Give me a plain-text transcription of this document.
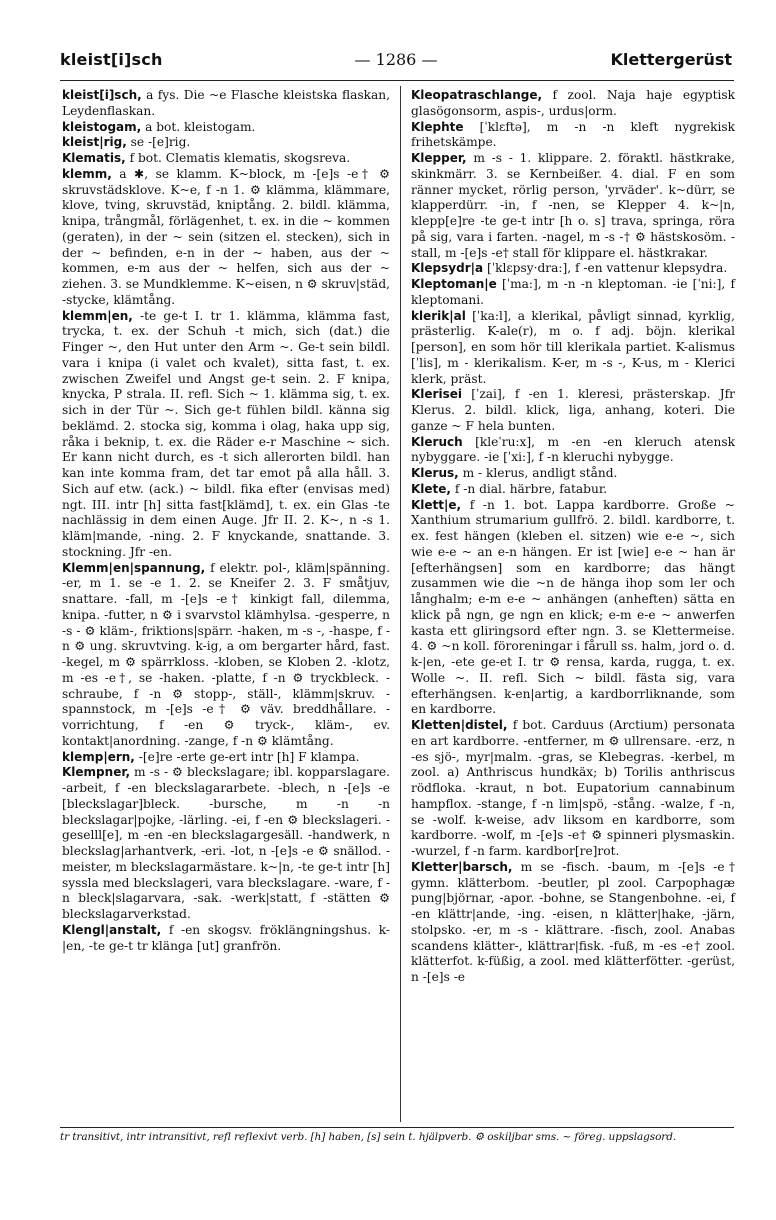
kleist[i]sch	— 1286 —	Klettergerüst

kleist[i]sch, a fys. Die ~e Flasche kleistska flaskan, Leydenflaskan.

kleistogam, a bot. kleistogam.

kleist|rig, se -[e]rig.

Klematis, f bot. Clematis klematis, skogsreva.

klemm, a ✱, se klamm. K~block, m -[e]s -e† ⚙ skruvstädsklove. K~e, f -n 1. ⚙ klämma, klämmare, klove, tving, skruvstäd, kniptång. 2. bildl. klämma, knipa, trångmål, förlägenhet, t. ex. in die ~ kommen (geraten), in der ~ sein (sitzen el. stecken), sich in der ~ befinden, e-n in der ~ haben, aus der ~ kommen, e-m aus der ~ helfen, sich aus der ~ ziehen. 3. se Mundklemme. K~eisen, n ⚙ skruv|städ, -stycke, klämtång.

klemm|en, -te ge-t I. tr 1. klämma, klämma fast, trycka, t. ex. der Schuh -t mich, sich (dat.) die Finger ~, den Hut unter den Arm ~. Ge-t sein bildl. vara i knipa (i valet och kvalet), sitta fast, t. ex. zwischen Zweifel und Angst ge-t sein. 2. F knipa, knycka, P strala. II. refl. Sich ~ 1. klämma sig, t. ex. sich in der Tür ~. Sich ge-t fühlen bildl. känna sig beklämd. 2. stocka sig, komma i olag, haka upp sig, råka i beknip, t. ex. die Räder e-r Maschine ~ sich. Er kann nicht durch, es -t sich allerorten bildl. han kan inte komma fram, det tar emot på alla håll. 3. Sich auf etw. (ack.) ~ bildl. fika efter (envisas med) ngt. III. intr [h] sitta fast[klämd], t. ex. ein Glas -te nachlässig in dem einen Auge. Jfr II. 2. K~, n -s 1. kläm|mande, -ning. 2. F knyckande, snattande. 3. stockning. Jfr -en.

Klemm|en|spannung, f elektr. pol-, kläm|spänning. -er, m 1. se -e 1. 2. se Kneifer 2. 3. F småtjuv, snattare. -fall, m -[e]s -e† kinkigt fall, dilemma, knipa. -futter, n ⚙ i svarvstol klämhylsa. -gesperre, n -s - ⚙ kläm-, friktions|spärr. -haken, m -s -, -haspe, f -n ⚙ ung. skruvtving. k-ig, a om bergarter hård, fast. -kegel, m ⚙ spärrkloss. -kloben, se Kloben 2. -klotz, m -es -e†, se -haken. -platte, f -n ⚙ tryckbleck. -schraube, f -n ⚙ stopp-, ställ-, klämm|skruv. -spannstock, m -[e]s -e† ⚙ väv. breddhållare. -vorrichtung, f -en ⚙ tryck-, kläm-, ev. kontakt|anordning. -zange, f -n ⚙ klämtång.

klemp|ern, -[e]re -erte ge-ert intr [h] F klampa.

Klempner, m -s - ⚙ bleckslagare; ibl. kopparslagare. -arbeit, f -en bleckslagararbete. -blech, n -[e]s -e [bleckslagar]bleck. -bursche, m -n -n bleckslagar|pojke, -lärling. -ei, f -en ⚙ bleckslageri. -geselll[e], m -en -en bleckslagargesäll. -handwerk, n bleckslag|arhantverk, -eri. -lot, n -[e]s -e ⚙ snällod. -meister, m bleckslagarmästare. k~|n, -te ge-t intr [h] syssla med bleckslageri, vara bleckslagare. -ware, f -n bleck|slagarvara, -sak. -werk|statt, f -stätten ⚙ bleckslagarverkstad.

Klengl|anstalt, f -en skogsv. fröklängningshus. k-|en, -te ge-t tr klänga [ut] granfrön.

Kleopatraschlange, f zool. Naja haje egyptisk glasögonsorm, aspis-, urdus|orm.

Klephte [ˈklɛftə], m -n -n kleft nygrekisk frihetskämpe.

Klepper, m -s - 1. klippare. 2. föraktl. hästkrake, skinkmärr. 3. se Kernbeißer. 4. dial. F en som ränner mycket, rörlig person, 'yrväder'. k~dürr, se klapperdürr. -in, f -nen, se Klepper 4. k~|n, klepp[e]re -te ge-t intr [h o. s] trava, springa, röra på sig, vara i farten. -nagel, m -s -† ⚙ hästskosöm. -stall, m -[e]s -e† stall för klippare el. hästkrakar.

Klepsydr|a [ˈklɛpsy·dra:], f -en vattenur klepsydra.

Kleptoman|e [ˈma:], m -n -n kleptoman. -ie [ˈni:], f kleptomani.

klerik|al [ˈka:l], a klerikal, påvligt sinnad, kyrklig, prästerlig. K-ale(r), m o. f adj. böjn. klerikal [person], en som hör till klerikala partiet. K-alismus [ˈlis], m - klerikalism. K-er, m -s -, K-us, m - Klerici klerk, präst.

Klerisei [ˈzai], f -en 1. kleresi, prästerskap. Jfr Klerus. 2. bildl. klick, liga, anhang, koteri. Die ganze ~ F hela bunten.

Kleruch [kleˈru:x], m -en -en kleruch atensk nybyggare. -ie [ˈxi:], f -n kleruchi nybygge.

Klerus, m - klerus, andligt stånd.

Klete, f -n dial. härbre, fatabur.

Klett|e, f -n 1. bot. Lappa kardborre. Große ~ Xanthium strumarium gullfrö. 2. bildl. kardborre, t. ex. fest hängen (kleben el. sitzen) wie e-e ~, sich wie e-e ~ an e-n hängen. Er ist [wie] e-e ~ han är [efterhängsen] som en kardborre; das hängt zusammen wie die ~n de hänga ihop som ler och långhalm; e-m e-e ~ anhängen (anheften) sätta en klick på ngn, ge ngn en klick; e-m e-e ~ anwerfen kasta ett gliringsord efter ngn. 3. se Klettermeise. 4. ⚙ ~n koll. föroreningar i fårull ss. halm, jord o. d. k-|en, -ete ge-et I. tr ⚙ rensa, karda, rugga, t. ex. Wolle ~. II. refl. Sich ~ bildl. fästa sig, vara efterhängsen. k-en|artig, a kardborrliknande, som en kardborre.

Kletten|distel, f bot. Carduus (Arctium) personata en art kardborre. -entferner, m ⚙ ullrensare. -erz, n -es sjö-, myr|malm. -gras, se Klebegras. -kerbel, m zool. a) Anthriscus hundkäx; b) Torilis anthriscus rödfloka. -kraut, n bot. Eupatorium cannabinum hampflox. -stange, f -n lim|spö, -stång. -walze, f -n, se -wolf. k-weise, adv liksom en kardborre, som kardborre. -wolf, m -[e]s -e† ⚙ spinneri plysmaskin. -wurzel, f -n farm. kardbor[re]rot.

Kletter|barsch, m se -fisch. -baum, m -[e]s -e† gymn. klätterbom. -beutler, pl zool. Carpophagæ pung|björnar, -apor. -bohne, se Stangenbohne. -ei, f -en klättr|ande, -ing. -eisen, n klätter|hake, -järn, stolpsko. -er, m -s - klättrare. -fisch, zool. Anabas scandens klätter-, klättrar|fisk. -fuß, m -es -e† zool. klätterfot. k-füßig, a zool. med klätterfötter. -gerüst, n -[e]s -e

tr transitivt, intr intransitivt, refl reflexivt verb. [h] haben, [s] sein t. hjälpverb. ⚙ oskiljbar sms. ~ föreg. uppslagsord.
